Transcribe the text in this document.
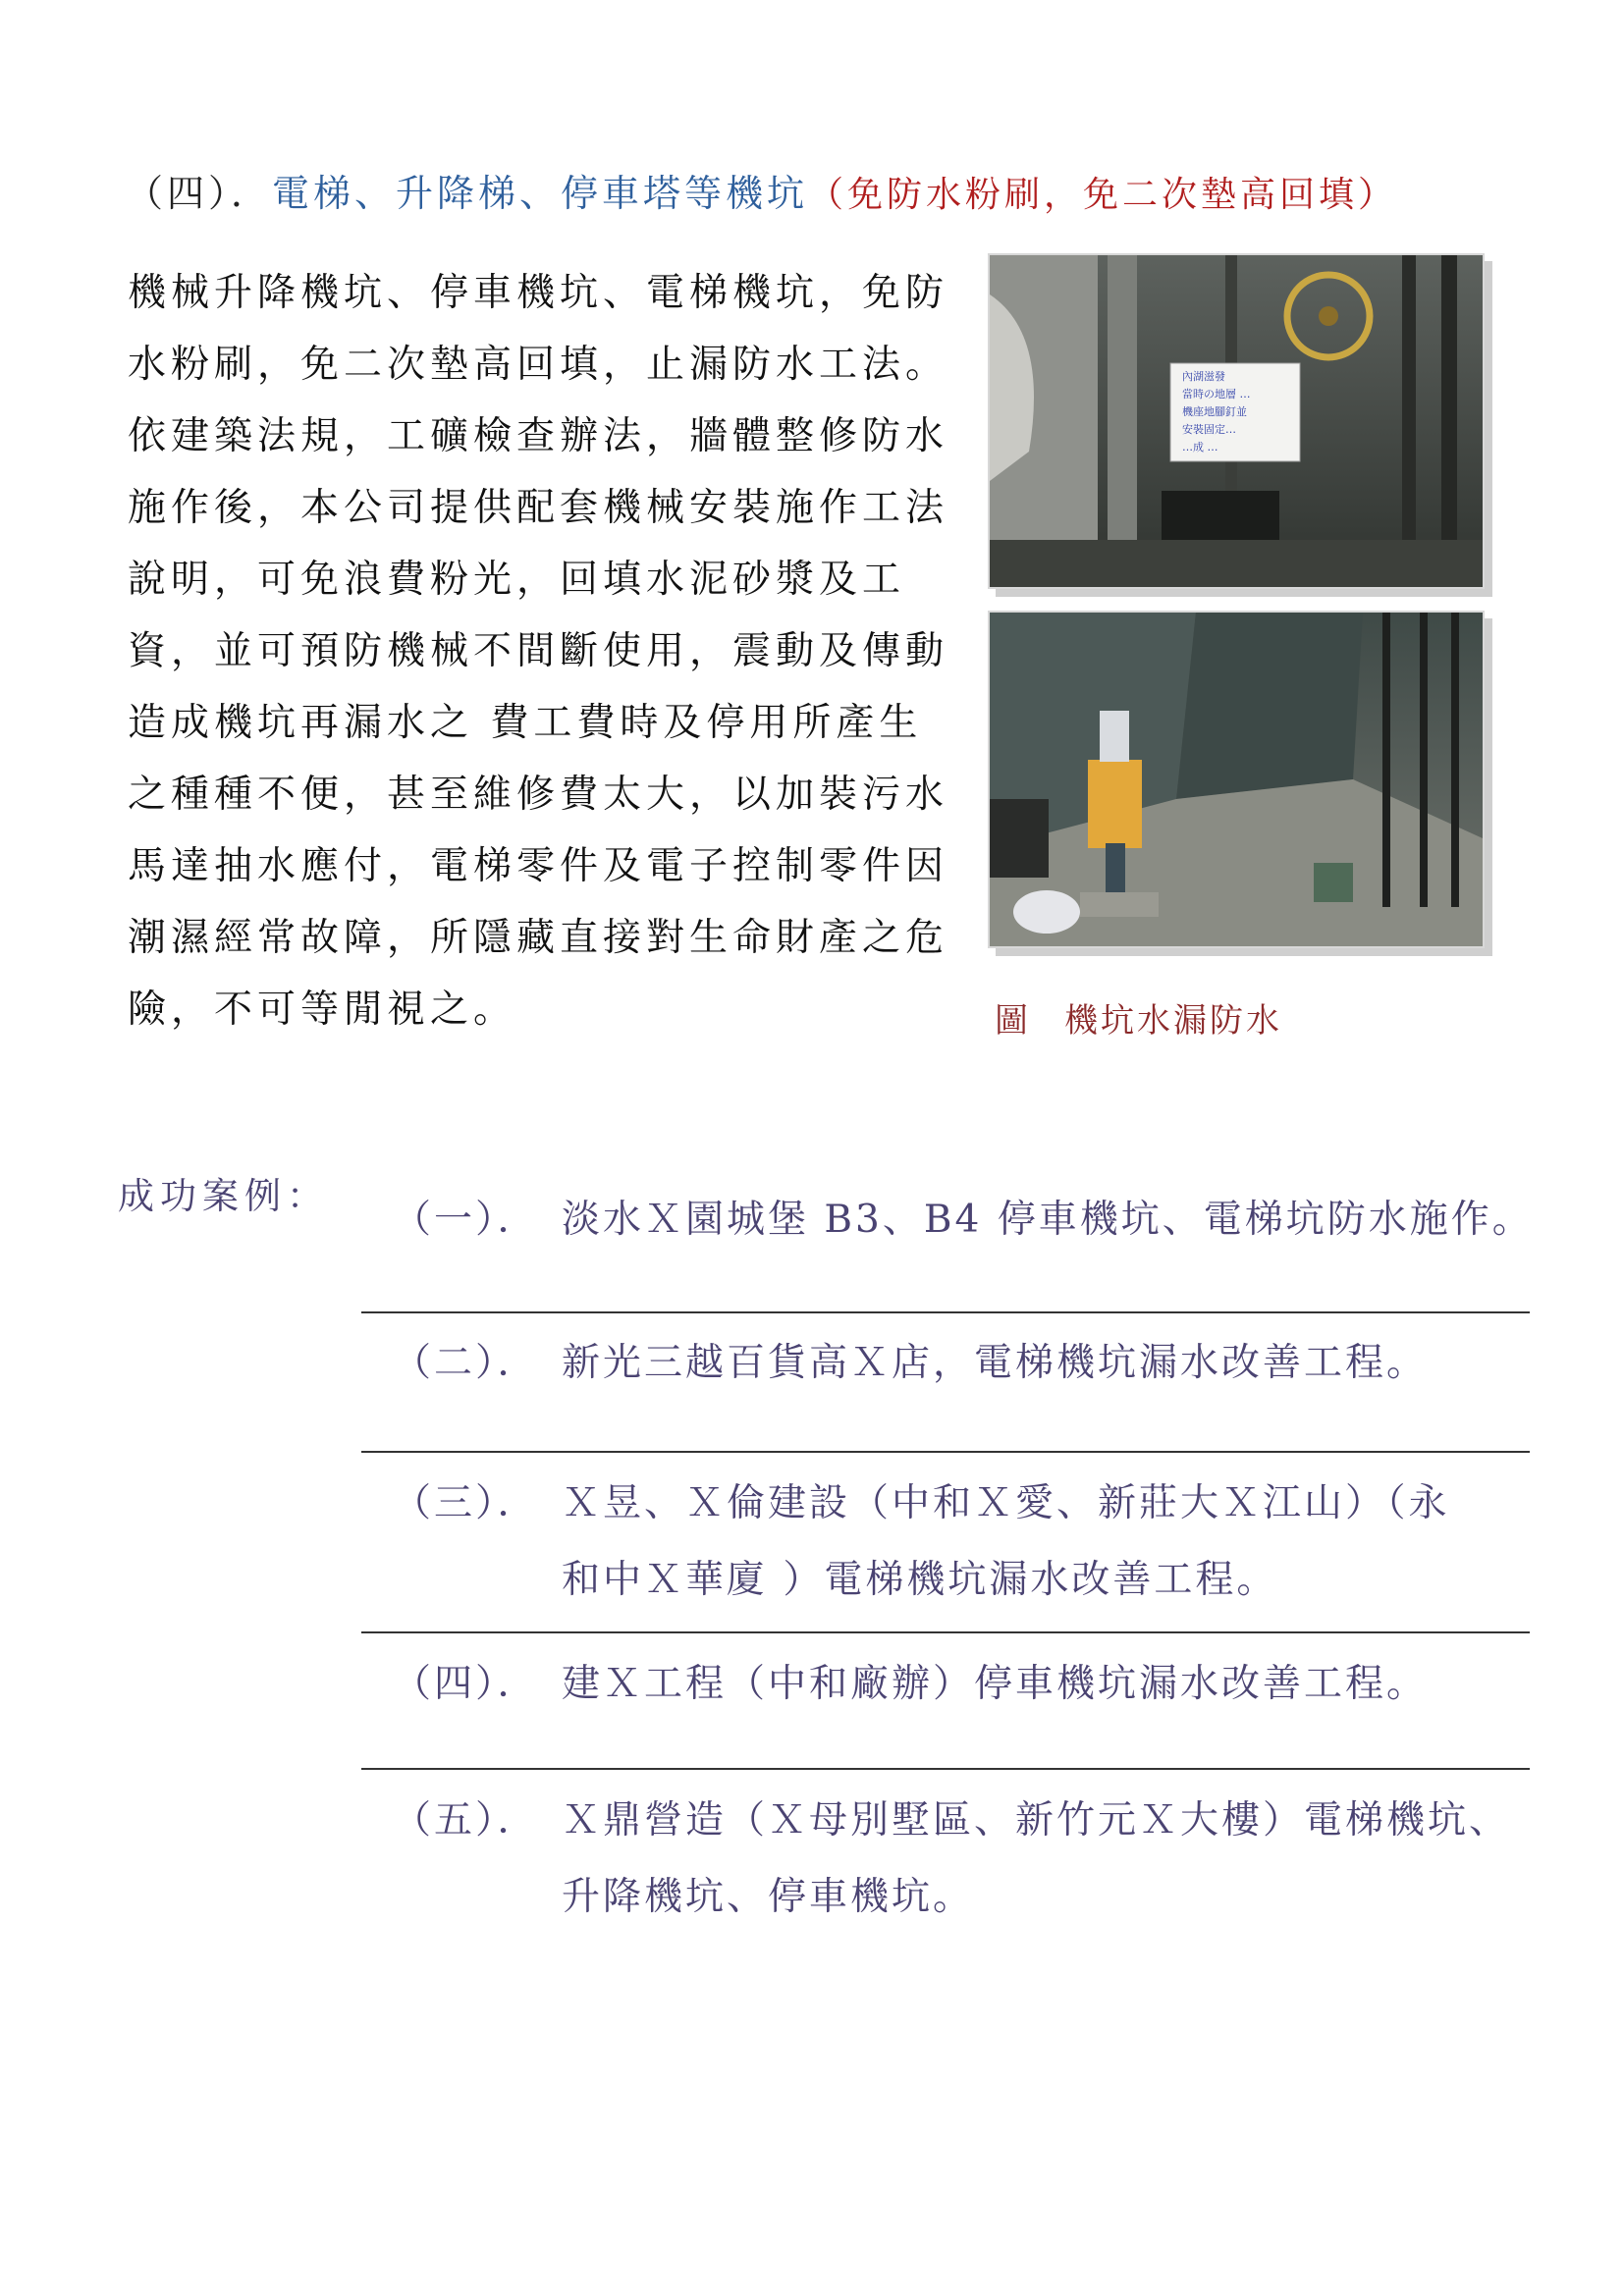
（四）．電梯、升降梯、停車塔等機坑（免防水粉刷，免二次墊高回填）
機械升降機坑、停車機坑、電梯機坑，免防
水粉刷，免二次墊高回填，止漏防水工法。
依建築法規，工礦檢查辦法，牆體整修防水
施作後，本公司提供配套機械安裝施作工法
說明，可免浪費粉光，回填水泥砂漿及工
資，並可預防機械不間斷使用，震動及傳動
造成機坑再漏水之 費工費時及停用所產生
之種種不便，甚至維修費太大，以加裝污水
馬達抽水應付，電梯零件及電子控制零件因
潮濕經常故障，所隱藏直接對生命財產之危
險，不可等閒視之。
內湖滋發
當時の地層 …
機座地腳釘並
安裝固定…
…成 …
圖 機坑水漏防水
成功案例：
（一）． 淡水Ｘ園城堡 B3、B4 停車機坑、電梯坑防水施作。
（二）． 新光三越百貨高Ｘ店，電梯機坑漏水改善工程。
（三）． Ｘ昱、Ｘ倫建設（中和Ｘ愛、新莊大Ｘ江山）（永
和中Ｘ華廈 ）電梯機坑漏水改善工程。
（四）． 建Ｘ工程（中和廠辦）停車機坑漏水改善工程。
（五）． Ｘ鼎營造（Ｘ母別墅區、新竹元Ｘ大樓）電梯機坑、
升降機坑、停車機坑。
